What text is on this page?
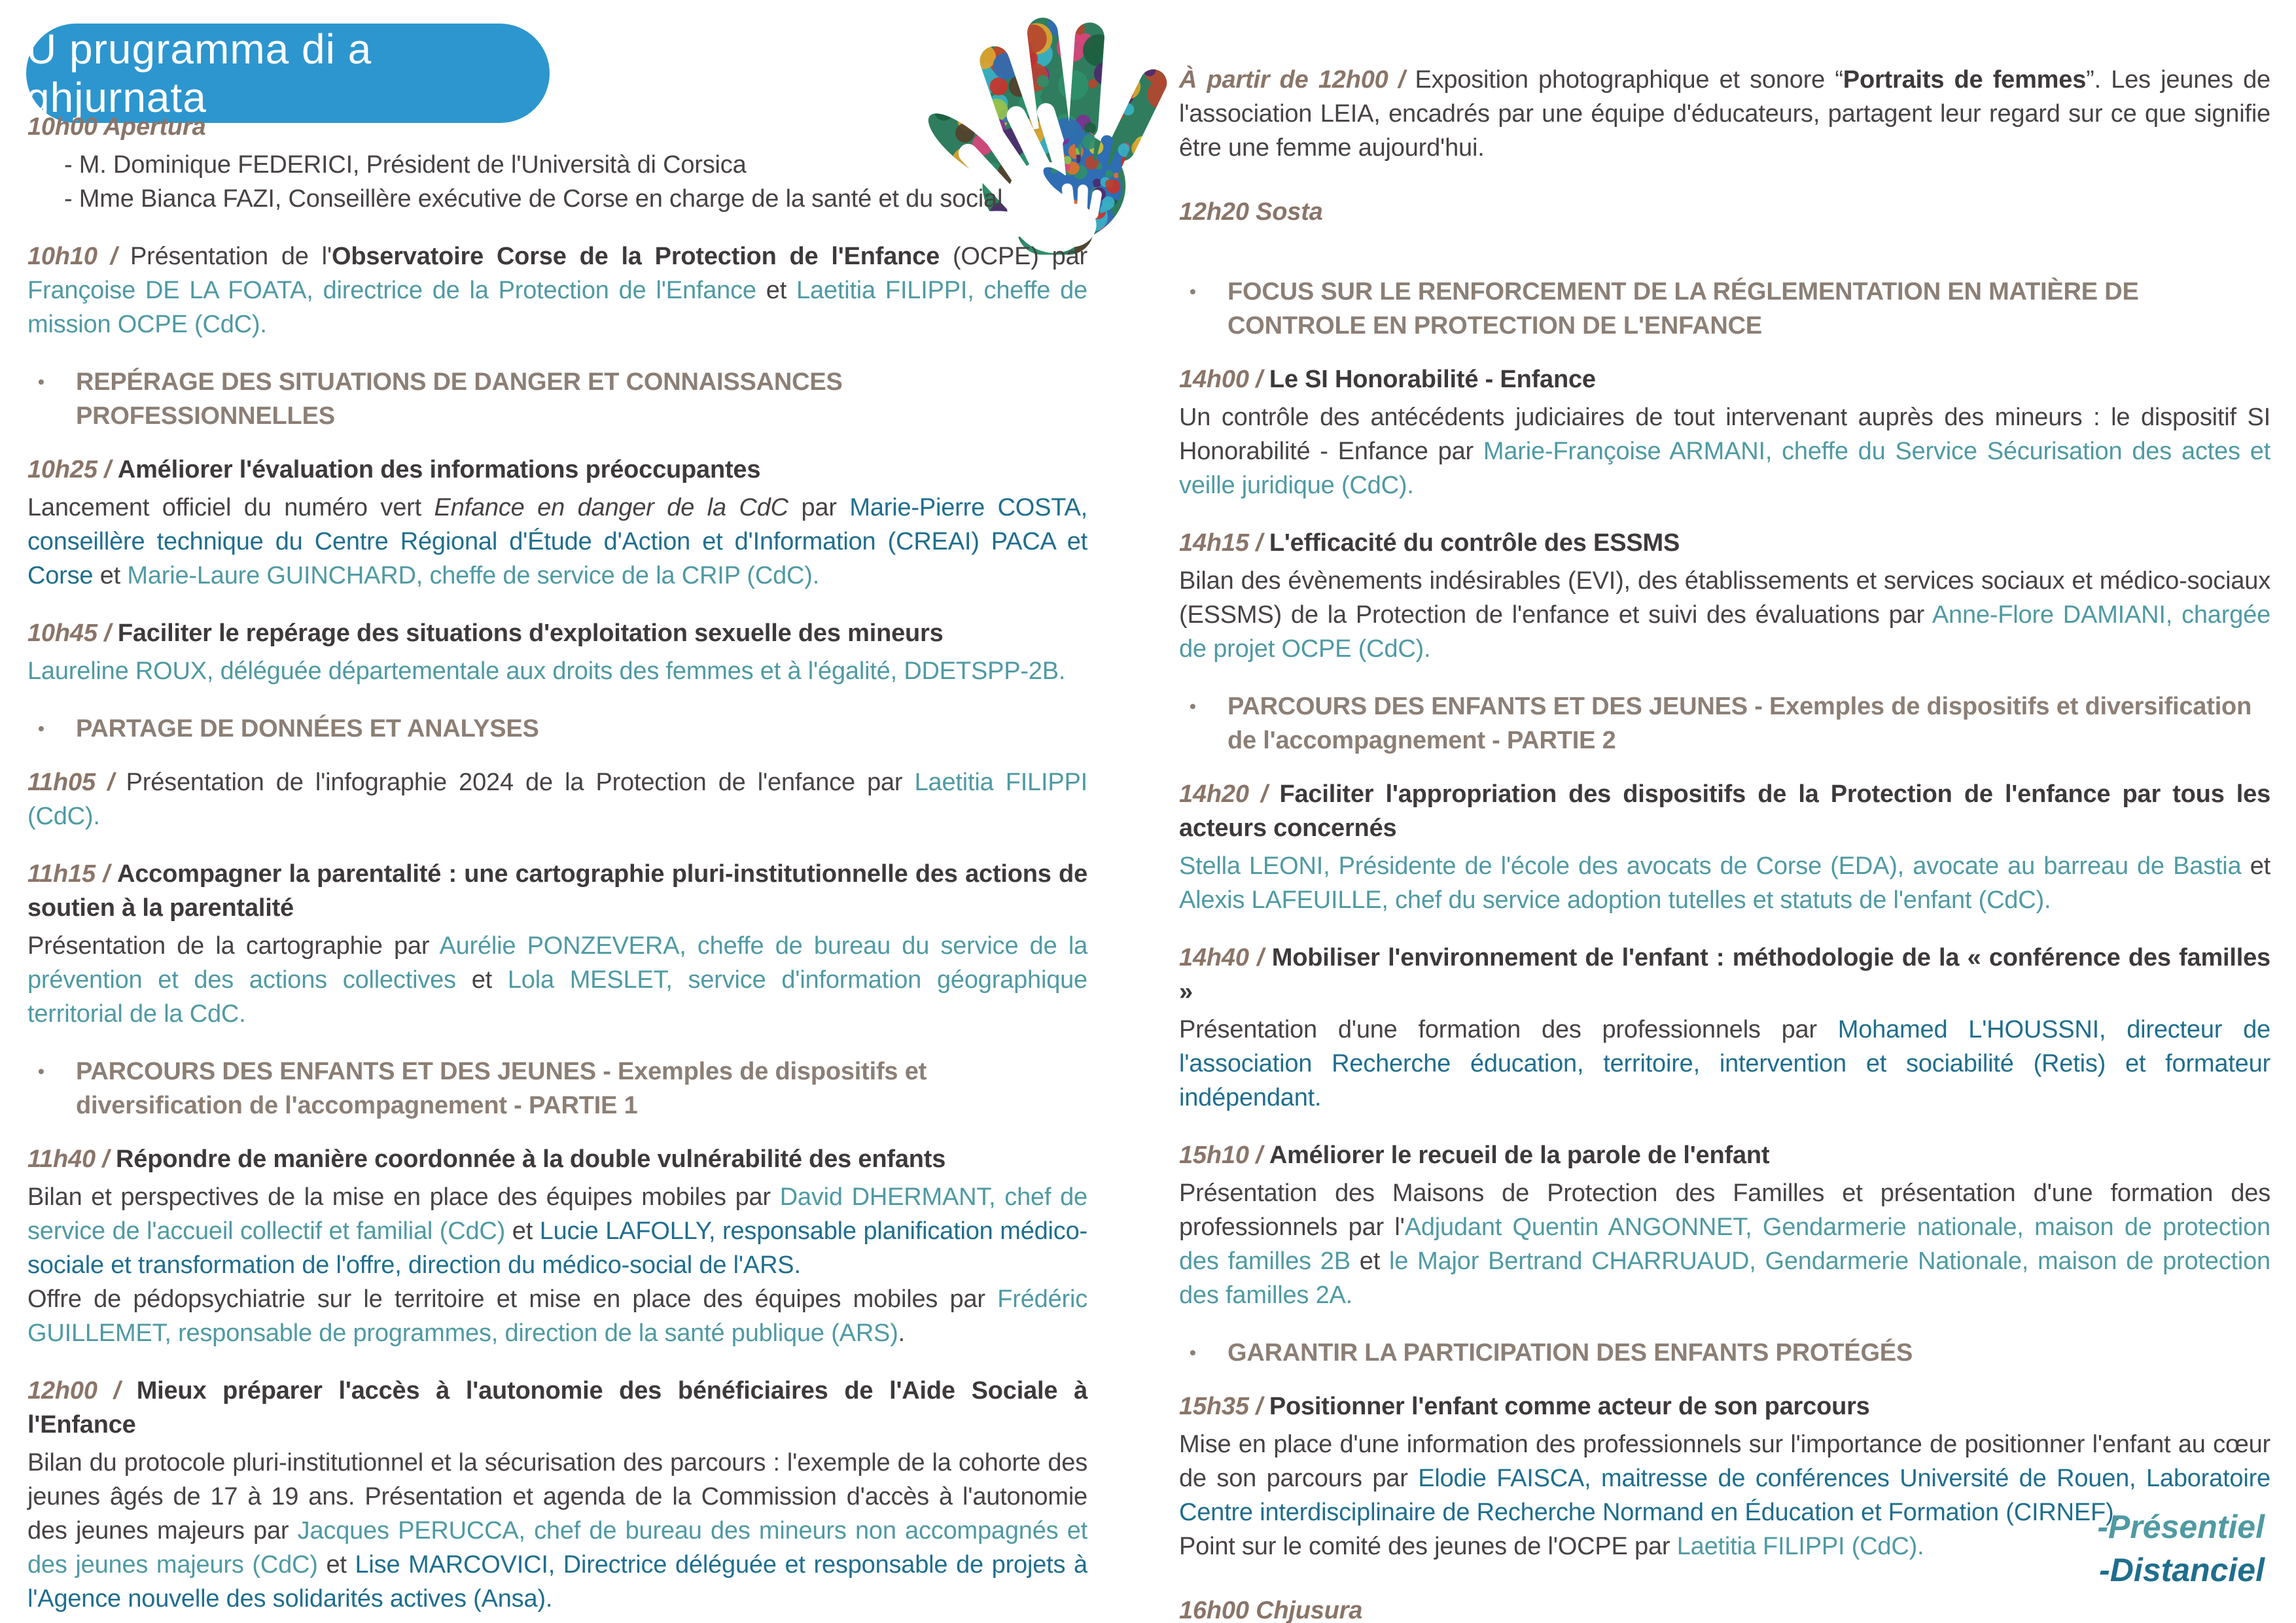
U prugramma di a ghjurnata

10h00 Apertura

- M. Dominique FEDERICI, Président de l'Università di Corsica
- Mme Bianca FAZI, Conseillère exécutive de Corse en charge de la santé et du social

10h10 / Présentation de l'Observatoire Corse de la Protection de l'Enfance (OCPE) par Françoise DE LA FOATA, directrice de la Protection de l'Enfance et Laetitia FILIPPI, cheffe de mission OCPE (CdC).

•	REPÉRAGE DES SITUATIONS DE DANGER ET CONNAISSANCES PROFESSIONNELLES

10h25 / Améliorer l'évaluation des informations préoccupantes

Lancement officiel du numéro vert Enfance en danger de la CdC par Marie-Pierre COSTA, conseillère technique du Centre Régional d'Étude d'Action et d'Information (CREAI) PACA et Corse et Marie-Laure GUINCHARD, cheffe de service de la CRIP (CdC).

10h45 / Faciliter le repérage des situations d'exploitation sexuelle des mineurs

Laureline ROUX, déléguée départementale aux droits des femmes et à l'égalité, DDETSPP-2B.

•	PARTAGE DE DONNÉES ET ANALYSES

11h05 / Présentation de l'infographie 2024 de la Protection de l'enfance par Laetitia FILIPPI (CdC).

11h15 / Accompagner la parentalité : une cartographie pluri-institutionnelle des actions de soutien à la parentalité

Présentation de la cartographie par Aurélie PONZEVERA, cheffe de bureau du service de la prévention et des actions collectives et Lola MESLET, service d'information géographique territorial de la CdC.

•	PARCOURS DES ENFANTS ET DES JEUNES - Exemples de dispositifs et diversification de l'accompagnement - PARTIE 1

11h40 / Répondre de manière coordonnée à la double vulnérabilité des enfants

Bilan et perspectives de la mise en place des équipes mobiles par David DHERMANT, chef de service de l'accueil collectif et familial (CdC) et Lucie LAFOLLY, responsable planification médico-sociale et transformation de l'offre, direction du médico-social de l'ARS.

Offre de pédopsychiatrie sur le territoire et mise en place des équipes mobiles par Frédéric GUILLEMET, responsable de programmes, direction de la santé publique (ARS).

12h00 / Mieux préparer l'accès à l'autonomie des bénéficiaires de l'Aide Sociale à l'Enfance

Bilan du protocole pluri-institutionnel et la sécurisation des parcours : l'exemple de la cohorte des jeunes âgés de 17 à 19 ans. Présentation et agenda de la Commission d'accès à l'autonomie des jeunes majeurs par Jacques PERUCCA, chef de bureau des mineurs non accompagnés et des jeunes majeurs (CdC) et Lise MARCOVICI, Directrice déléguée et responsable de projets à l'Agence nouvelle des solidarités actives (Ansa).

À partir de 12h00 / Exposition photographique et sonore “Portraits de femmes”. Les jeunes de l'association LEIA, encadrés par une équipe d'éducateurs, partagent leur regard sur ce que signifie être une femme aujourd'hui.

12h20 Sosta

•	FOCUS SUR LE RENFORCEMENT DE LA RÉGLEMENTATION EN MATIÈRE DE CONTROLE EN PROTECTION DE L'ENFANCE

14h00 / Le SI Honorabilité - Enfance

Un contrôle des antécédents judiciaires de tout intervenant auprès des mineurs : le dispositif SI Honorabilité - Enfance par Marie-Françoise ARMANI, cheffe du Service Sécurisation des actes et veille juridique (CdC).

14h15 / L'efficacité du contrôle des ESSMS

Bilan des évènements indésirables (EVI), des établissements et services sociaux et médico-sociaux (ESSMS) de la Protection de l'enfance et suivi des évaluations par Anne-Flore DAMIANI, chargée de projet OCPE (CdC).

•	PARCOURS DES ENFANTS ET DES JEUNES - Exemples de dispositifs et diversification de l'accompagnement - PARTIE 2

14h20 / Faciliter l'appropriation des dispositifs de la Protection de l'enfance par tous les acteurs concernés

Stella LEONI, Présidente de l'école des avocats de Corse (EDA), avocate au barreau de Bastia et Alexis LAFEUILLE, chef du service adoption tutelles et statuts de l'enfant (CdC).

14h40 / Mobiliser l'environnement de l'enfant : méthodologie de la « conférence des familles »

Présentation d'une formation des professionnels par Mohamed L'HOUSSNI, directeur de l'association Recherche éducation, territoire, intervention et sociabilité (Retis) et formateur indépendant.

15h10 / Améliorer le recueil de la parole de l'enfant

Présentation des Maisons de Protection des Familles et présentation d'une formation des professionnels par l'Adjudant Quentin ANGONNET, Gendarmerie nationale, maison de protection des familles 2B et le Major Bertrand CHARRUAUD, Gendarmerie Nationale, maison de protection des familles 2A.

•	GARANTIR LA PARTICIPATION DES ENFANTS PROTÉGÉS

15h35 / Positionner l'enfant comme acteur de son parcours

Mise en place d'une information des professionnels sur l'importance de positionner l'enfant au cœur de son parcours par Elodie FAISCA, maitresse de conférences Université de Rouen, Laboratoire Centre interdisciplinaire de Recherche Normand en Éducation et Formation (CIRNEF).

Point sur le comité des jeunes de l'OCPE par Laetitia FILIPPI (CdC).

16h00 Chjusura

-Présentiel
-Distanciel
